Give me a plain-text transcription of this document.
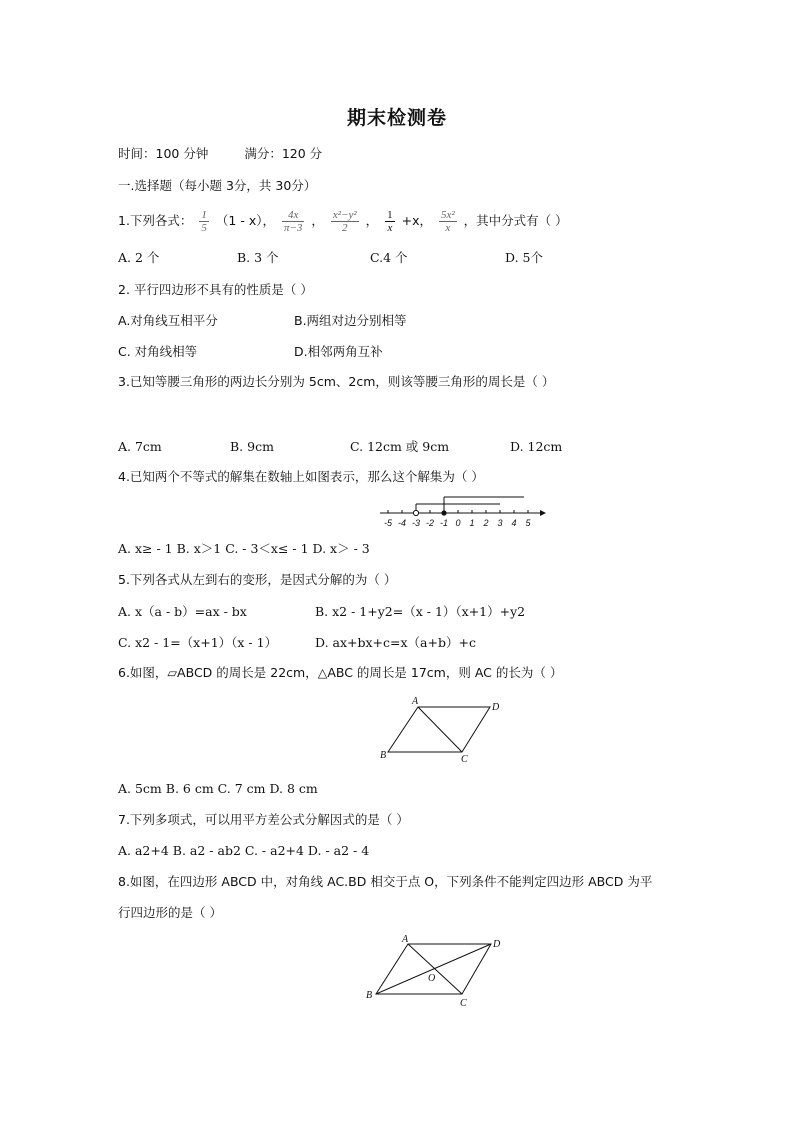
期末检测卷
时间：100 分钟	满分：120 分
一.选择题（每小题 3分，共 30分）
1.下列各式： $\frac{1}{5} (1 - x)$， $\frac{4x}{\pi-3}$ ， $\frac{\text{x²−y²}}{2}$ ， $\frac{1}{x} +x$， $\frac{\text{5x²}}{x}$ ，其中分式有（ ）
A. 2 个	B. 3 个	C.4 个	D. 5个
2. 平行四边形不具有的性质是（ ）
A.对角线互相平分	B.两组对边分别相等
C. 对角线相等	D.相邻两角互补
3.已知等腰三角形的两边长分别为 5cm、2cm，则该等腰三角形的周长是（ ）
A. 7cm	B. 9cm	C. 12cm 或 9cm	D. 12cm
4.已知两个不等式的解集在数轴上如图表示，那么这个解集为（ ）
-5 -4 -3 -2 -1 0 1 2 3 4 5
A. x≥ - 1 B. x＞1 C. - 3＜x≤ - 1 D. x＞ - 3
5.下列各式从左到右的变形，是因式分解的为（ ）
A. x（a - b）=ax - bx	B. x2 - 1+y2=（x - 1）（x+1）+y2
C. x2 - 1=（x+1）（x - 1）	D. ax+bx+c=x（a+b）+c
6.如图，▱ABCD 的周长是 22cm，△ABC 的周长是 17cm，则 AC 的长为（ ）
A
D
B	C
A. 5cm B. 6 cm C. 7 cm D. 8 cm
7.下列多项式，可以用平方差公式分解因式的是（ ）
A. a2+4 B. a2 - ab2 C. - a2+4 D. - a2 - 4
8.如图，在四边形 ABCD 中，对角线 AC.BD 相交于点 O，下列条件不能判定四边形 ABCD 为平
行四边形的是（ ）
A	D
B
C
O
